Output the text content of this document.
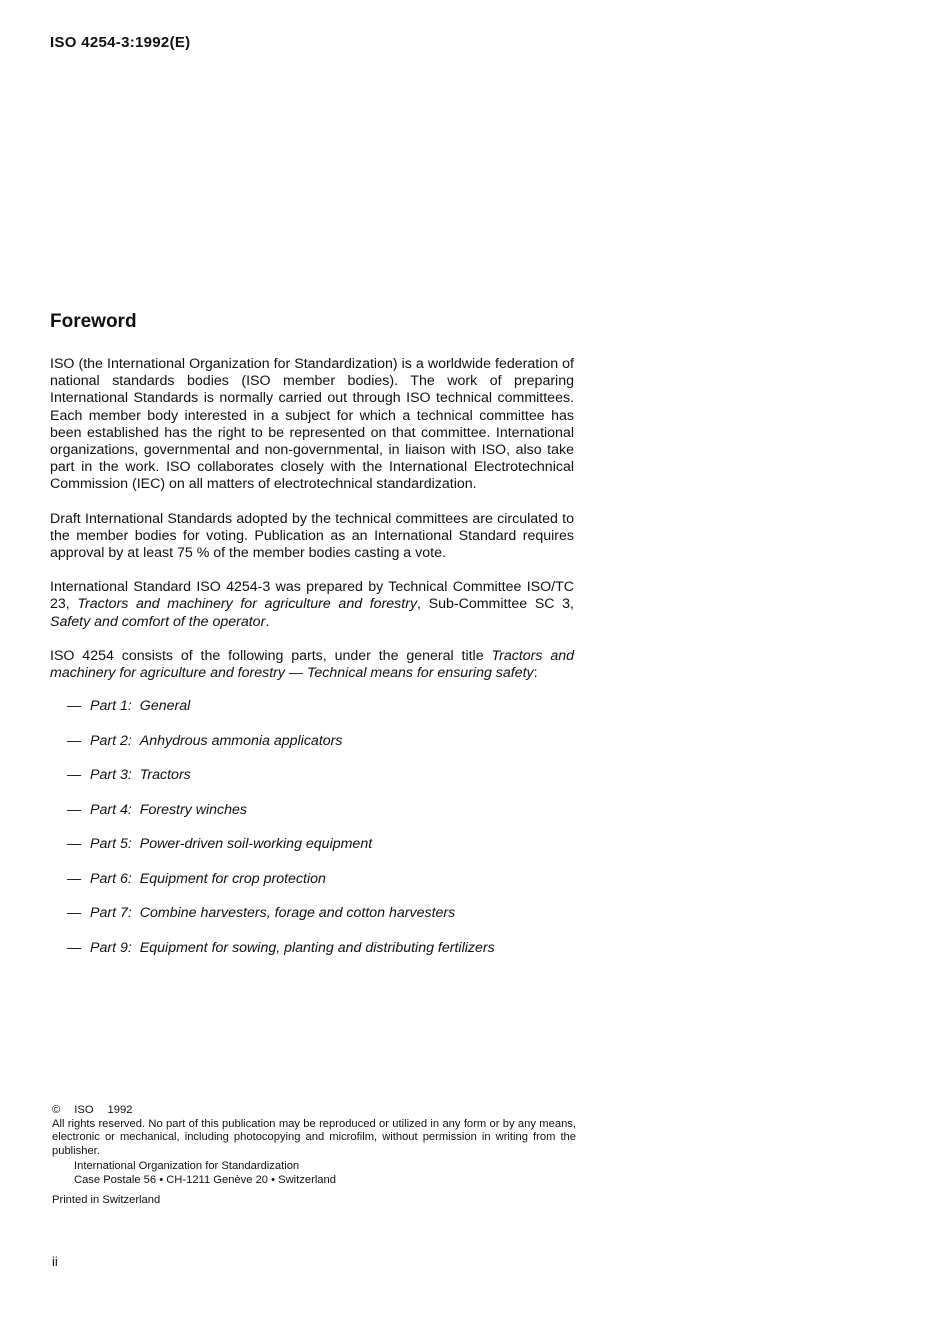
ISO 4254-3:1992(E)
Foreword

ISO (the International Organization for Standardization) is a worldwide federation of national standards bodies (ISO member bodies). The work of preparing International Standards is normally carried out through ISO technical committees. Each member body interested in a subject for which a technical committee has been established has the right to be represented on that committee. International organizations, governmental and non-governmental, in liaison with ISO, also take part in the work. ISO collaborates closely with the International Electrotechnical Commission (IEC) on all matters of electrotechnical standardization.

Draft International Standards adopted by the technical committees are circulated to the member bodies for voting. Publication as an International Standard requires approval by at least 75 % of the member bodies casting a vote.

International Standard ISO 4254-3 was prepared by Technical Committee ISO/TC 23, Tractors and machinery for agriculture and forestry, Sub-Committee SC 3, Safety and comfort of the operator.

ISO 4254 consists of the following parts, under the general title Tractors and machinery for agriculture and forestry — Technical means for ensuring safety:

— Part 1: General
— Part 2: Anhydrous ammonia applicators
— Part 3: Tractors
— Part 4: Forestry winches
— Part 5: Power-driven soil-working equipment
— Part 6: Equipment for crop protection
— Part 7: Combine harvesters, forage and cotton harvesters
— Part 9: Equipment for sowing, planting and distributing fertilizers
© ISO 1992
All rights reserved. No part of this publication may be reproduced or utilized in any form or by any means, electronic or mechanical, including photocopying and microfilm, without permission in writing from the publisher.
International Organization for Standardization
Case Postale 56 • CH-1211 Genève 20 • Switzerland
Printed in Switzerland
ii
